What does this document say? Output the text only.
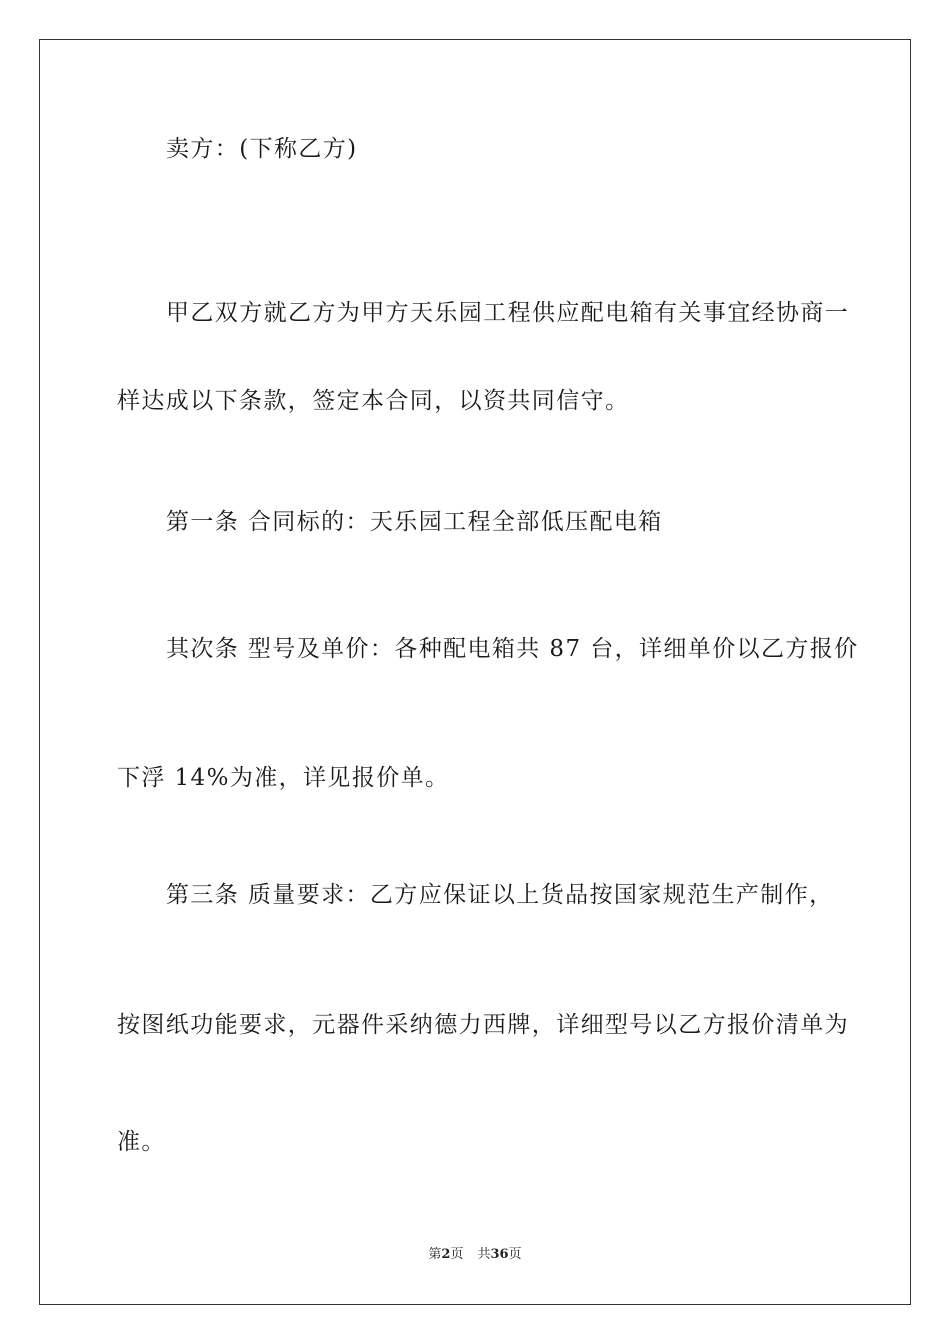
卖方：(下称乙方)
甲乙双方就乙方为甲方天乐园工程供应配电箱有关事宜经协商一
样达成以下条款，签定本合同，以资共同信守。
第一条 合同标的：天乐园工程全部低压配电箱
其次条 型号及单价：各种配电箱共 87 台，详细单价以乙方报价
下浮 14%为准，详见报价单。
第三条 质量要求：乙方应保证以上货品按国家规范生产制作，
按图纸功能要求，元器件采纳德力西牌，详细型号以乙方报价清单为
准。
第2页 共36页
